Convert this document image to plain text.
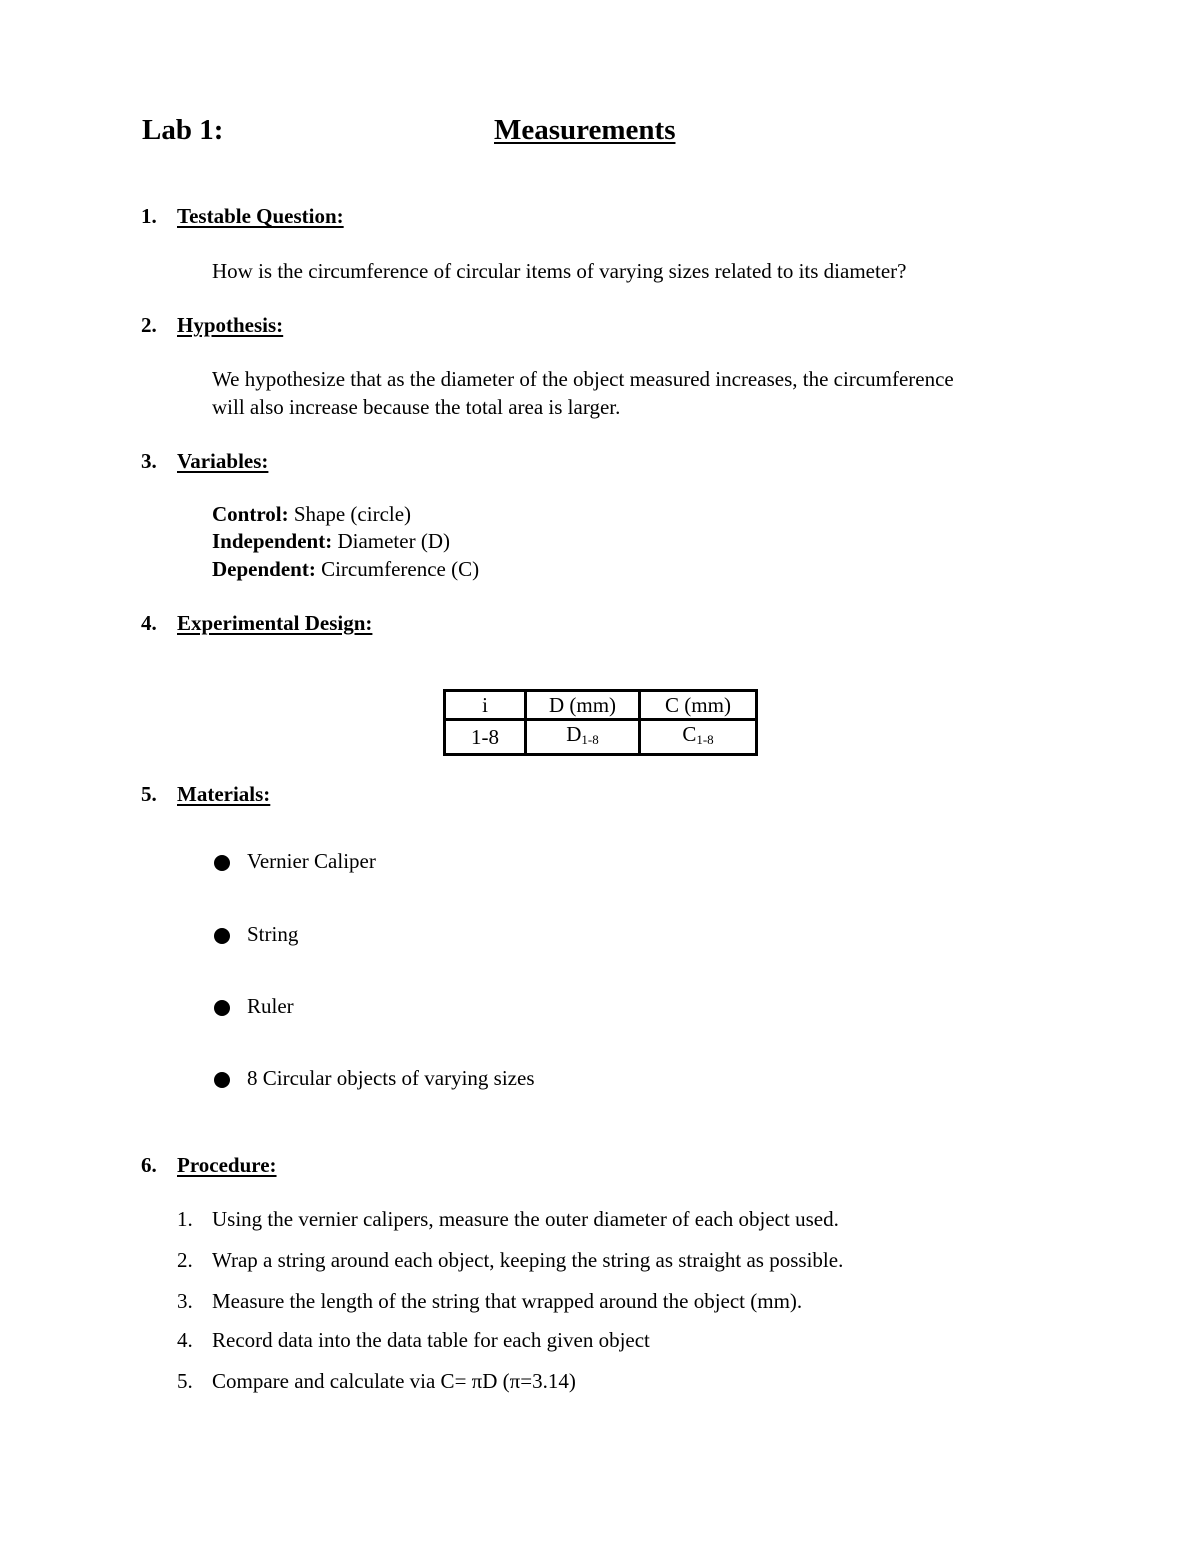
Lab 1:	Measurements
1. Testable Question:
How is the circumference of circular items of varying sizes related to its diameter?
2. Hypothesis:
We hypothesize that as the diameter of the object measured increases, the circumference
will also increase because the total area is larger.
3. Variables:
Control: Shape (circle)
Independent: Diameter (D)
Dependent: Circumference (C)
4. Experimental Design:
i	D (mm)	C (mm)
1-8	$D_{1-8}$	$C_{1-8}$
5. Materials:
Vernier Caliper
String
Ruler
8 Circular objects of varying sizes
6. Procedure:
1. Using the vernier calipers, measure the outer diameter of each object used.
2. Wrap a string around each object, keeping the string as straight as possible.
3. Measure the length of the string that wrapped around the object (mm).
4. Record data into the data table for each given object
5. Compare and calculate via C= πD (π=3.14)
